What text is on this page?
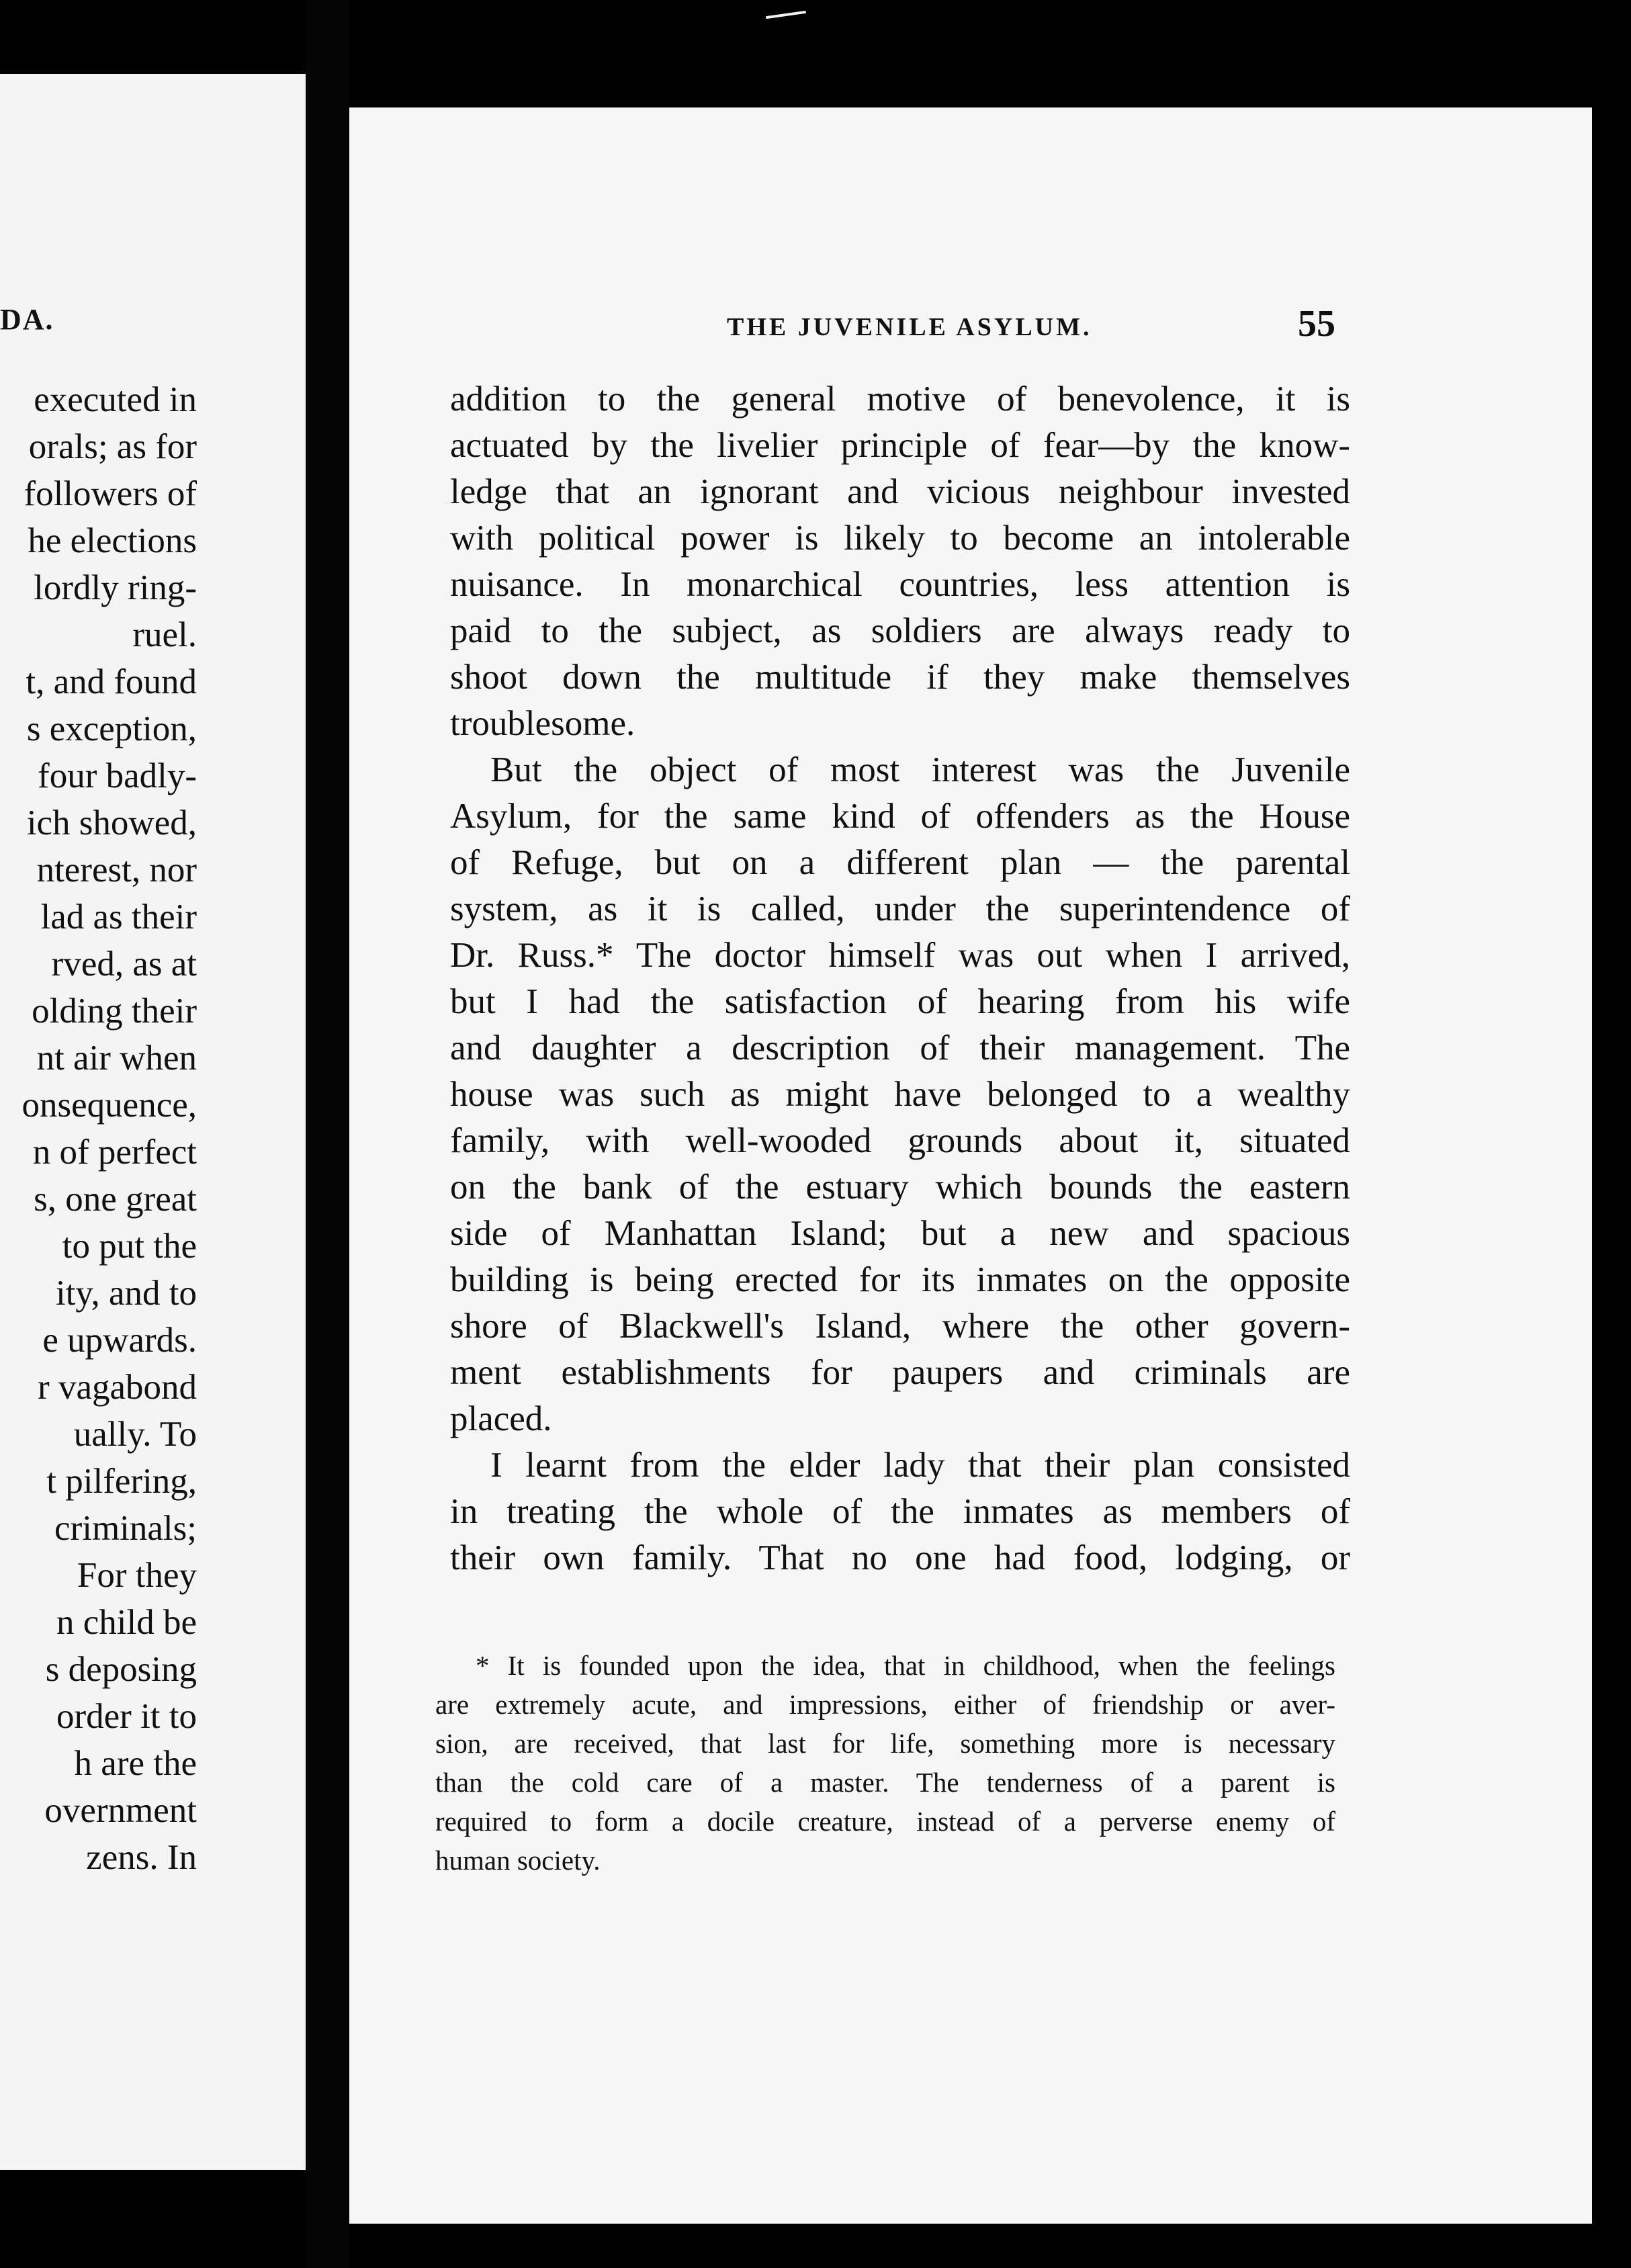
DA.
executed in
orals; as for
followers of
he elections
lordly ring-
ruel.
t, and found
s exception,
four badly-
ich showed,
nterest, nor
lad as their
rved, as at
olding their
nt air when
onsequence,
n of perfect
s, one great
to put the
ity, and to
e upwards.
r vagabond
ually. To
t pilfering,
criminals;
For they
n child be
s deposing
order it to
h are the
overnment
zens. In
THE JUVENILE ASYLUM.	55
addition to the general motive of benevolence, it is
actuated by the livelier principle of fear—by the know-
ledge that an ignorant and vicious neighbour invested
with political power is likely to become an intolerable
nuisance. In monarchical countries, less attention is
paid to the subject, as soldiers are always ready to
shoot down the multitude if they make themselves
troublesome.
But the object of most interest was the Juvenile
Asylum, for the same kind of offenders as the House
of Refuge, but on a different plan — the parental
system, as it is called, under the superintendence of
Dr. Russ.* The doctor himself was out when I arrived,
but I had the satisfaction of hearing from his wife
and daughter a description of their management. The
house was such as might have belonged to a wealthy
family, with well-wooded grounds about it, situated
on the bank of the estuary which bounds the eastern
side of Manhattan Island; but a new and spacious
building is being erected for its inmates on the opposite
shore of Blackwell's Island, where the other govern-
ment establishments for paupers and criminals are
placed.
I learnt from the elder lady that their plan consisted
in treating the whole of the inmates as members of
their own family. That no one had food, lodging, or
* It is founded upon the idea, that in childhood, when the feelings
are extremely acute, and impressions, either of friendship or aver-
sion, are received, that last for life, something more is necessary
than the cold care of a master. The tenderness of a parent is
required to form a docile creature, instead of a perverse enemy of
human society.
